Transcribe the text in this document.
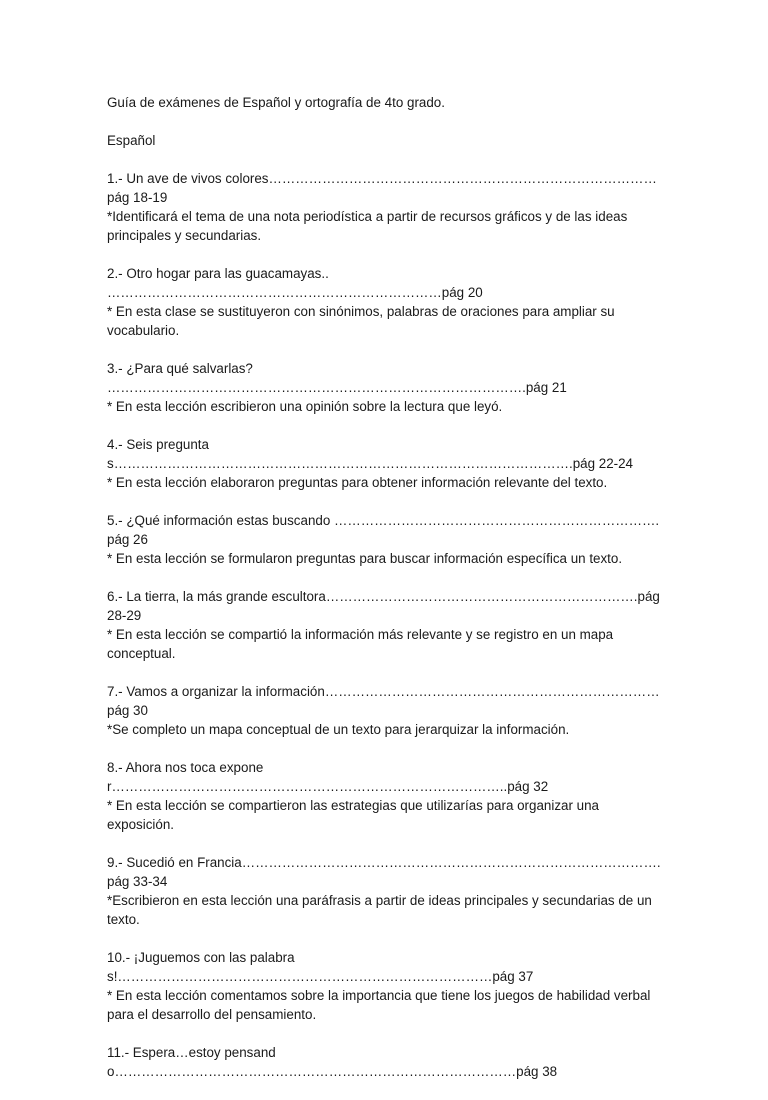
Guía de exámenes de Español y ortografía de 4to grado.

Español

1.- Un ave de vivos colores……………………………………………………………………………pág 18-19

*Identificará el tema de una nota periodística a partir de recursos gráficos y de las ideas principales y secundarias.

2.- Otro hogar para las guacamayas.. …………………………………………………………………pág 20

* En esta clase se sustituyeron con sinónimos, palabras de oraciones para ampliar su vocabulario.

3.- ¿Para qué salvarlas? ………………………………………………………………………………….pág 21

* En esta lección escribieron una opinión sobre la lectura que leyó.

4.- Seis preguntas………………………………………………………………………………………….pág 22-24

* En esta lección elaboraron preguntas para obtener información relevante del texto.

5.- ¿Qué información estas buscando ……………………………………………………………….pág 26

* En esta lección se formularon preguntas para buscar información específica un texto.

6.- La tierra, la más grande escultora…………………………………………………………….pág 28-29

* En esta lección se compartió la información más relevante y se registro en un mapa conceptual.

7.- Vamos a organizar la información…………………………………………………………………pág 30

*Se completo un mapa conceptual de un texto para jerarquizar la información.

8.- Ahora nos toca exponer……………………………………………………………………………..pág 32

* En esta lección se compartieron las estrategias que utilizarías para organizar una exposición.

9.- Sucedió en Francia………………………………………………………………………………….pág 33-34

*Escribieron en esta lección una paráfrasis a partir de ideas principales y secundarias de un texto.

10.- ¡Juguemos con las palabras!…………………………………………………………………………pág 37

* En esta lección comentamos sobre la importancia que tiene los juegos de habilidad verbal para el desarrollo del pensamiento.

11.- Espera…estoy pensando………………………………………………………………………………pág 38
